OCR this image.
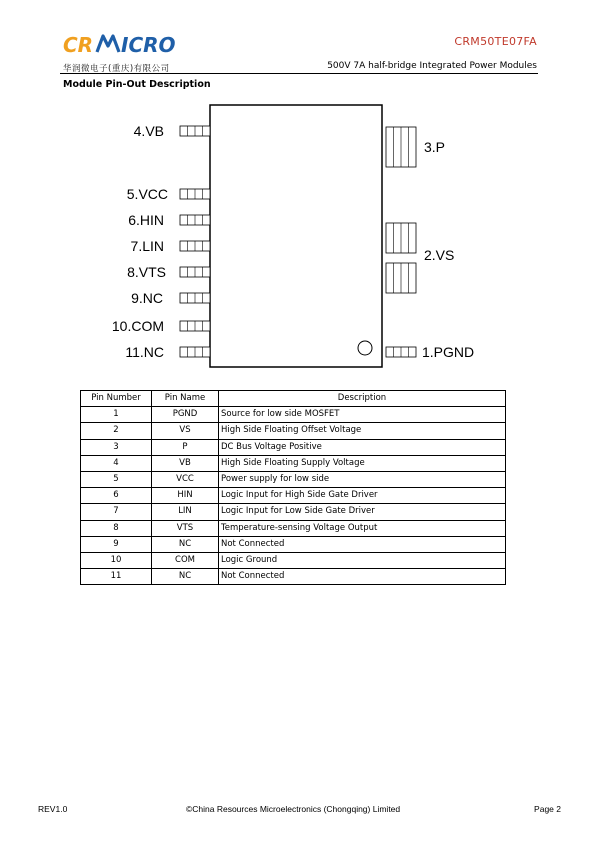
CR ICRO	CRM50TE07FA
华润微电子(重庆)有限公司	500V 7A half-bridge Integrated Power Modules
Module Pin-Out Description
4.VB
5.VCC
6.HIN
7.LIN
8.VTS
9.NC
10.COM
11.NC
3.P
2.VS
1.PGND
Pin Number	Pin Name	Description
1	PGND	Source for low side MOSFET
2	VS	High Side Floating Offset Voltage
3	P	DC Bus Voltage Positive
4	VB	High Side Floating Supply Voltage
5	VCC	Power supply for low side
6	HIN	Logic Input for High Side Gate Driver
7	LIN	Logic Input for Low Side Gate Driver
8	VTS	Temperature-sensing Voltage Output
9	NC	Not Connected
10	COM	Logic Ground
11	NC	Not Connected
REV1.0	©China Resources Microelectronics (Chongqing) Limited	Page 2
